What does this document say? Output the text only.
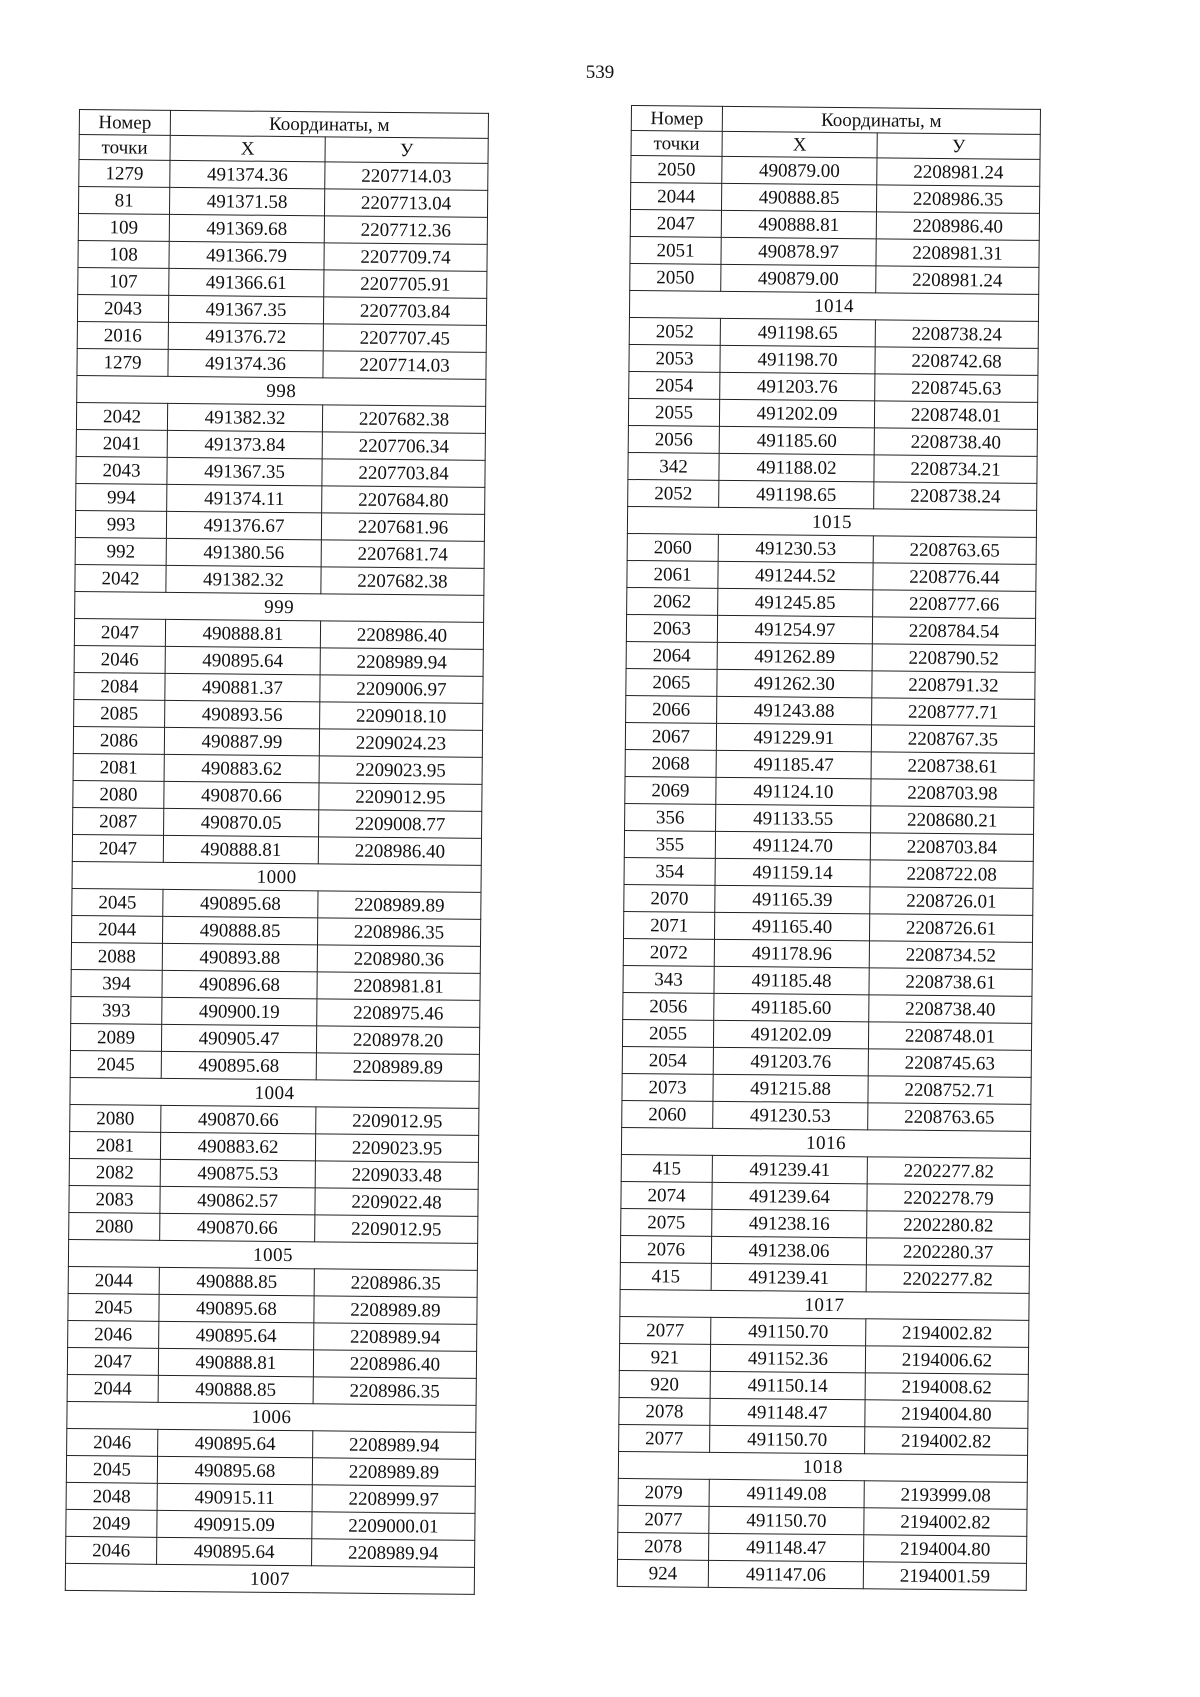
539
Номер	Координаты, м	
точки	Х	У
1279	491374.36	2207714.03
81	491371.58	2207713.04
109	491369.68	2207712.36
108	491366.79	2207709.74
107	491366.61	2207705.91
2043	491367.35	2207703.84
2016	491376.72	2207707.45
1279	491374.36	2207714.03
998		
2042	491382.32	2207682.38
2041	491373.84	2207706.34
2043	491367.35	2207703.84
994	491374.11	2207684.80
993	491376.67	2207681.96
992	491380.56	2207681.74
2042	491382.32	2207682.38
999		
2047	490888.81	2208986.40
2046	490895.64	2208989.94
2084	490881.37	2209006.97
2085	490893.56	2209018.10
2086	490887.99	2209024.23
2081	490883.62	2209023.95
2080	490870.66	2209012.95
2087	490870.05	2209008.77
2047	490888.81	2208986.40
1000		
2045	490895.68	2208989.89
2044	490888.85	2208986.35
2088	490893.88	2208980.36
394	490896.68	2208981.81
393	490900.19	2208975.46
2089	490905.47	2208978.20
2045	490895.68	2208989.89
1004		
2080	490870.66	2209012.95
2081	490883.62	2209023.95
2082	490875.53	2209033.48
2083	490862.57	2209022.48
2080	490870.66	2209012.95
1005		
2044	490888.85	2208986.35
2045	490895.68	2208989.89
2046	490895.64	2208989.94
2047	490888.81	2208986.40
2044	490888.85	2208986.35
1006		
2046	490895.64	2208989.94
2045	490895.68	2208989.89
2048	490915.11	2208999.97
2049	490915.09	2209000.01
2046	490895.64	2208989.94
1007		
Номер	Координаты, м	
точки	Х	У
2050	490879.00	2208981.24
2044	490888.85	2208986.35
2047	490888.81	2208986.40
2051	490878.97	2208981.31
2050	490879.00	2208981.24
1014		
2052	491198.65	2208738.24
2053	491198.70	2208742.68
2054	491203.76	2208745.63
2055	491202.09	2208748.01
2056	491185.60	2208738.40
342	491188.02	2208734.21
2052	491198.65	2208738.24
1015		
2060	491230.53	2208763.65
2061	491244.52	2208776.44
2062	491245.85	2208777.66
2063	491254.97	2208784.54
2064	491262.89	2208790.52
2065	491262.30	2208791.32
2066	491243.88	2208777.71
2067	491229.91	2208767.35
2068	491185.47	2208738.61
2069	491124.10	2208703.98
356	491133.55	2208680.21
355	491124.70	2208703.84
354	491159.14	2208722.08
2070	491165.39	2208726.01
2071	491165.40	2208726.61
2072	491178.96	2208734.52
343	491185.48	2208738.61
2056	491185.60	2208738.40
2055	491202.09	2208748.01
2054	491203.76	2208745.63
2073	491215.88	2208752.71
2060	491230.53	2208763.65
1016		
415	491239.41	2202277.82
2074	491239.64	2202278.79
2075	491238.16	2202280.82
2076	491238.06	2202280.37
415	491239.41	2202277.82
1017		
2077	491150.70	2194002.82
921	491152.36	2194006.62
920	491150.14	2194008.62
2078	491148.47	2194004.80
2077	491150.70	2194002.82
1018		
2079	491149.08	2193999.08
2077	491150.70	2194002.82
2078	491148.47	2194004.80
924	491147.06	2194001.59
